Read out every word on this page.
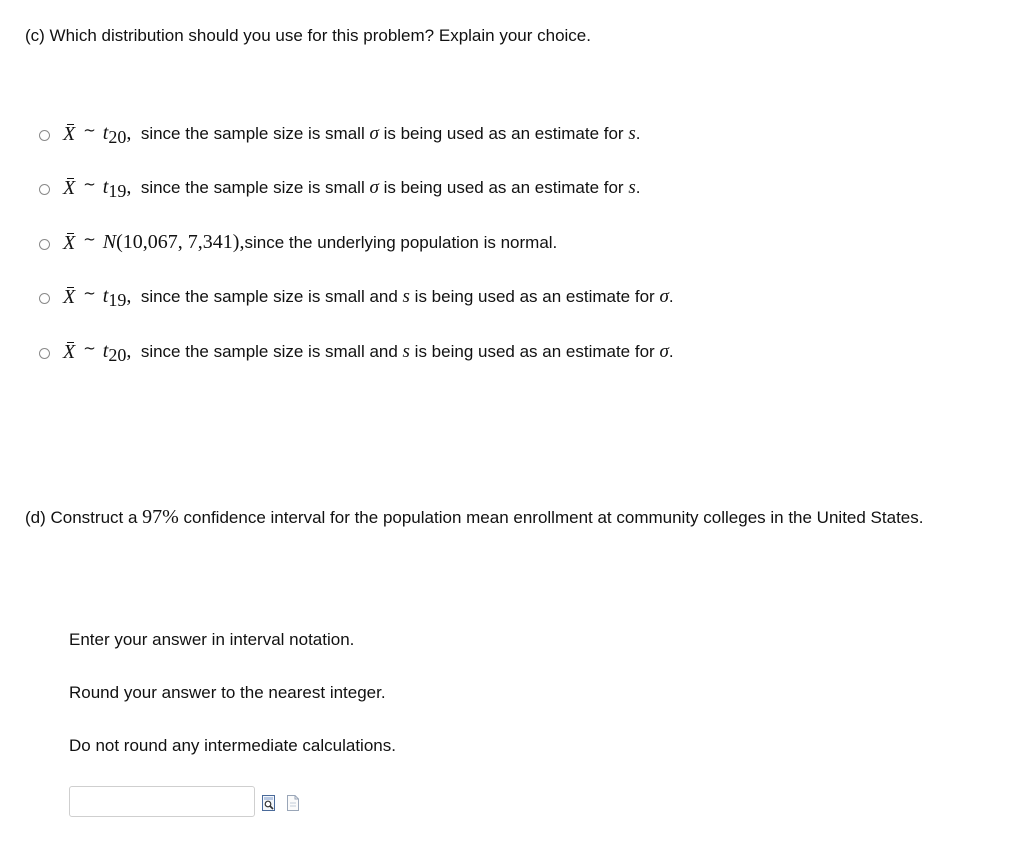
(c) Which distribution should you use for this problem? Explain your choice.
X ~ t 20 , since the sample size is small σ is being used as an estimate for s.
X ~ t 19 , since the sample size is small σ is being used as an estimate for s.
X ~ N (10,067, 7,341) , since the underlying population is normal.
X ~ t 19 , since the sample size is small and s is being used as an estimate for σ.
X ~ t 20 , since the sample size is small and s is being used as an estimate for σ.
(d) Construct a 97% confidence interval for the population mean enrollment at community colleges in the United States.
Enter your answer in interval notation.
Round your answer to the nearest integer.
Do not round any intermediate calculations.
